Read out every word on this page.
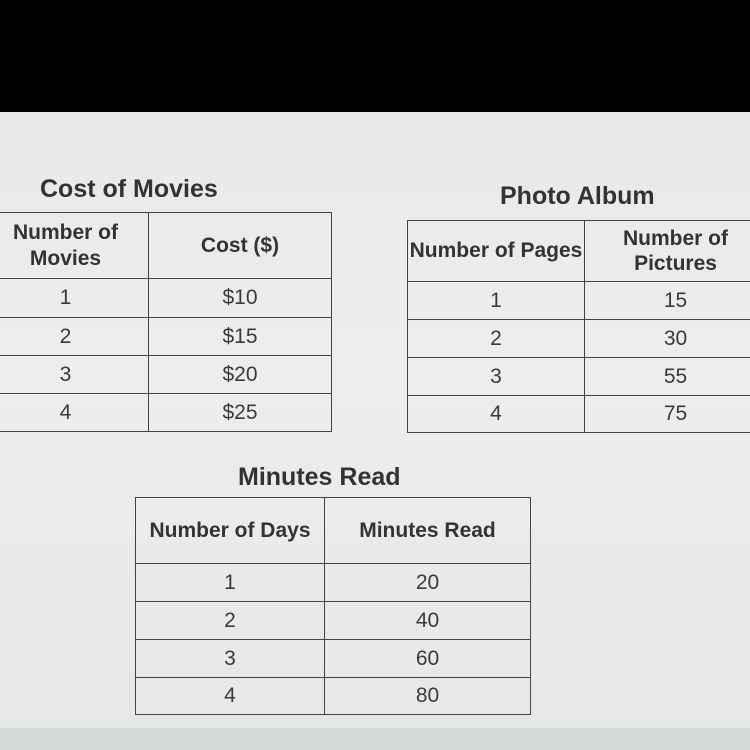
Cost of Movies
Number of Movies	Cost ($)
1	$10
2	$15
3	$20
4	$25
Photo Album
Number of Pages	Number of Pictures
1	15
2	30
3	55
4	75
Minutes Read
Number of Days	Minutes Read
1	20
2	40
3	60
4	80
